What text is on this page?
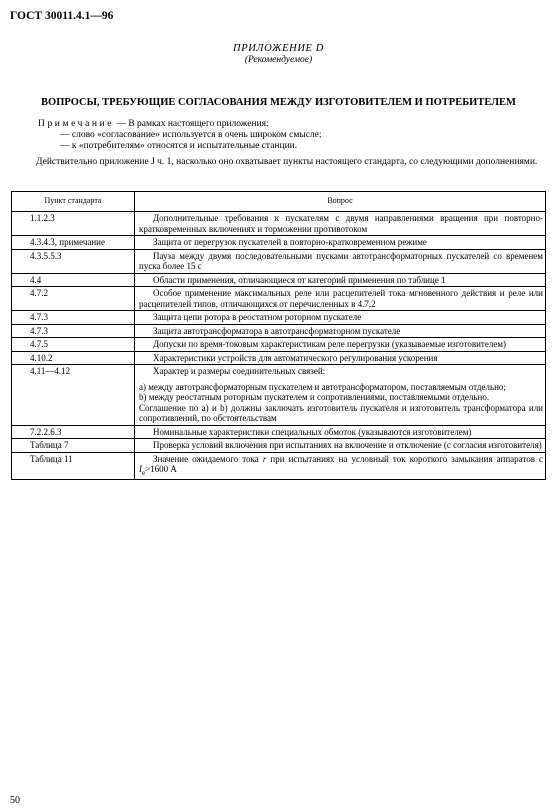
ГОСТ 30011.4.1—96
ПРИЛОЖЕНИЕ D
(Рекомендуемое)
ВОПРОСЫ, ТРЕБУЮЩИЕ СОГЛАСОВАНИЯ МЕЖДУ ИЗГОТОВИТЕЛЕМ И ПОТРЕБИТЕЛЕМ
Примечание — В рамках настоящего приложения:
— слово «согласование» используется в очень широком смысле;
— к «потребителям» относятся и испытательные станции.
Действительно приложение J ч. 1, насколько оно охватывает пункты настоящего стандарта, со следующими дополнениями.
Пункт стандарта	Вопрос
1.1.2.3	Дополнительные требования к пускателям с двумя направлениями вращения при повторно-кратковременных включениях и торможении противотоком

4.3.4.3, примечание	Защита от перегрузок пускателей в повторно-кратковременном режиме

4.3.5.5.3	Пауза между двумя последовательными пусками автотрансформаторных пускателей со временем пуска более 15 с

4.4	Области применения, отличающиеся от категорий применения по таблице 1

4.7.2	Особое применение максимальных реле или расцепителей тока мгновенного действия и реле или расцепителей типов, отличающихся от перечисленных в 4.7.2

4.7.3	Защита цепи ротора в реостатном роторном пускателе

4.7.3	Защита автотрансформатора в автотрансформаторном пускателе

4.7.5	Допуски по время-токовым характеристикам реле перегрузки (указываемые изготовителем)

4.10.2	Характеристики устройств для автоматического регулирования ускорения

4.11—4.12	Характер и размеры соединительных связей:

а) между автотрансформаторным пускателем и автотрансформатором, поставляемым отдельно;

b) между реостатным роторным пускателем и сопротивлениями, поставляемыми отдельно.

Соглашение по а) и b) должны заключать изготовитель пускателя и изготовитель трансформатора или сопротивлений, по обстоятельствам

7.2.2.6.3	Номинальные характеристики специальных обмоток (указываются изготовителем)

Таблица 7	Проверка условий включения при испытаниях на включение и отключение (с согласия изготовителя)

Таблица 11	Значение ожидаемого тока r при испытаниях на условный ток короткого замыкания аппаратов с $I_е>1600$ А

50
